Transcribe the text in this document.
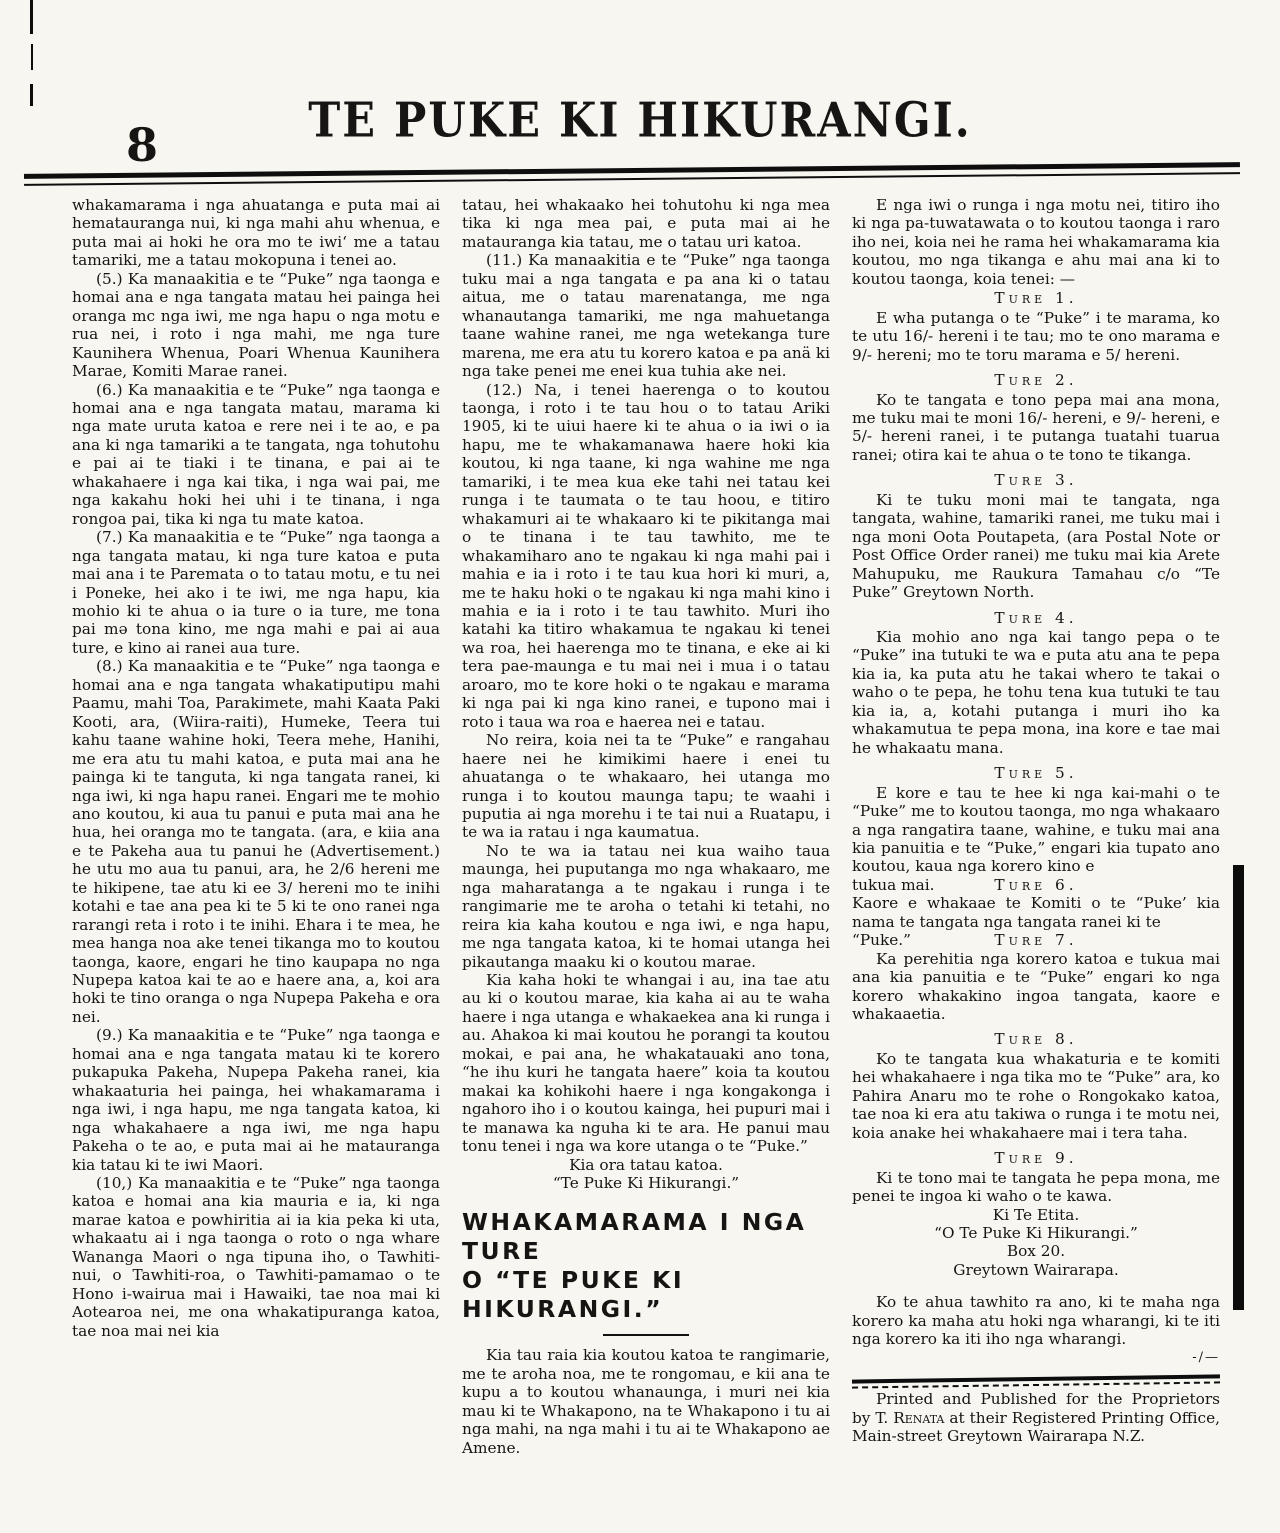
8	TE PUKE KI HIKURANGI.

whakamarama i nga ahuatanga e puta mai ai hematauranga nui, ki nga mahi ahu whenua, e puta mai ai hoki he ora mo te iwi‘ me a tatau tamariki, me a tatau mokopuna i tenei ao.

(5.) Ka manaakitia e te “Puke” nga taonga e homai ana e nga tangata matau hei painga hei oranga mc nga iwi, me nga hapu o nga motu e rua nei, i roto i nga mahi, me nga ture Kaunihera Whenua, Poari Whenua Kaunihera Marae, Komiti Marae ranei.

(6.) Ka manaakitia e te “Puke” nga taonga e homai ana e nga tangata matau, marama ki nga mate uruta katoa e rere nei i te ao, e pa ana ki nga tamariki a te tangata, nga tohutohu e pai ai te tiaki i te tinana, e pai ai te whakahaere i nga kai tika, i nga wai pai, me nga kakahu hoki hei uhi i te tinana, i nga rongoa pai, tika ki nga tu mate katoa.

(7.) Ka manaakitia e te “Puke” nga taonga a nga tangata matau, ki nga ture katoa e puta mai ana i te Paremata o to tatau motu, e tu nei i Poneke, hei ako i te iwi, me nga hapu, kia mohio ki te ahua o ia ture o ia ture, me tona pai mə tona kino, me nga mahi e pai ai aua ture, e kino ai ranei aua ture.

(8.) Ka manaakitia e te “Puke” nga taonga e homai ana e nga tangata whakatiputipu mahi Paamu, mahi Toa, Parakimete, mahi Kaata Paki Kooti, ara, (Wiira-raiti), Humeke, Teera tui kahu taane wahine hoki, Teera mehe, Hanihi, me era atu tu mahi katoa, e puta mai ana he painga ki te tanguta, ki nga tangata ranei, ki nga iwi, ki nga hapu ranei. Engari me te mohio ano koutou, ki aua tu panui e puta mai ana he hua, hei oranga mo te tangata. (ara, e kiia ana e te Pakeha aua tu panui he (Advertisement.) he utu mo aua tu panui, ara, he 2/6 hereni me te hikipene, tae atu ki ee 3/ hereni mo te inihi kotahi e tae ana pea ki te 5 ki te ono ranei nga rarangi reta i roto i te inihi. Ehara i te mea, he mea hanga noa ake tenei tikanga mo to koutou taonga, kaore, engari he tino kaupapa no nga Nupepa katoa kai te ao e haere ana, a, koi ara hoki te tino oranga o nga Nupepa Pakeha e ora nei.

(9.) Ka manaakitia e te “Puke” nga taonga e homai ana e nga tangata matau ki te korero pukapuka Pakeha, Nupepa Pakeha ranei, kia whakaaturia hei painga, hei whakamarama i nga iwi, i nga hapu, me nga tangata katoa, ki nga whakahaere a nga iwi, me nga hapu Pakeha o te ao, e puta mai ai he matauranga kia tatau ki te iwi Maori.

(10,) Ka manaakitia e te “Puke” nga taonga katoa e homai ana kia mauria e ia, ki nga marae katoa e powhiritia ai ia kia peka ki uta, whakaatu ai i nga taonga o roto o nga whare Wananga Maori o nga tipuna iho, o Tawhiti-nui, o Tawhiti-roa, o Tawhiti-pamamao o te Hono i-wairua mai i Hawaiki, tae noa mai ki Aotearoa nei, me ona whakatipuranga katoa, tae noa mai nei kia

tatau, hei whakaako hei tohutohu ki nga mea tika ki nga mea pai, e puta mai ai he matauranga kia tatau, me o tatau uri katoa.

(11.) Ka manaakitia e te “Puke” nga taonga tuku mai a nga tangata e pa ana ki o tatau aitua, me o tatau marenatanga, me nga whanautanga tamariki, me nga mahuetanga taane wahine ranei, me nga wetekanga ture marena, me era atu tu korero katoa e pa anä ki nga take penei me enei kua tuhia ake nei.

(12.) Na, i tenei haerenga o to koutou taonga, i roto i te tau hou o to tatau Ariki 1905, ki te uiui haere ki te ahua o ia iwi o ia hapu, me te whakamanawa haere hoki kia koutou, ki nga taane, ki nga wahine me nga tamariki, i te mea kua eke tahi nei tatau kei runga i te taumata o te tau hoou, e titiro whakamuri ai te whakaaro ki te pikitanga mai o te tinana i te tau tawhito, me te whakamiharo ano te ngakau ki nga mahi pai i mahia e ia i roto i te tau kua hori ki muri, a, me te haku hoki o te ngakau ki nga mahi kino i mahia e ia i roto i te tau tawhito. Muri iho katahi ka titiro whakamua te ngakau ki tenei wa roa, hei haerenga mo te tinana, e eke ai ki tera pae-maunga e tu mai nei i mua i o tatau aroaro, mo te kore hoki o te ngakau e marama ki nga pai ki nga kino ranei, e tupono mai i roto i taua wa roa e haerea nei e tatau.

No reira, koia nei ta te “Puke” e rangahau haere nei he kimikimi haere i enei tu ahuatanga o te whakaaro, hei utanga mo runga i to koutou maunga tapu; te waahi i puputia ai nga morehu i te tai nui a Ruatapu, i te wa ia ratau i nga kaumatua.

No te wa ia tatau nei kua waiho taua maunga, hei puputanga mo nga whakaaro, me nga maharatanga a te ngakau i runga i te rangimarie me te aroha o tetahi ki tetahi, no reira kia kaha koutou e nga iwi, e nga hapu, me nga tangata katoa, ki te homai utanga hei pikautanga maaku ki o koutou marae.

Kia kaha hoki te whangai i au, ina tae atu au ki o koutou marae, kia kaha ai au te waha haere i nga utanga e whakaekea ana ki runga i au. Ahakoa ki mai koutou he porangi ta koutou mokai, e pai ana, he whakatauaki ano tona, “he ihu kuri he tangata haere” koia ta koutou makai ka kohikohi haere i nga kongakonga i ngahoro iho i o koutou kainga, hei pupuri mai i te manawa ka nguha ki te ara. He panui mau tonu tenei i nga wa kore utanga o te “Puke.”

Kia ora tatau katoa.

“Te Puke Ki Hikurangi.”

WHAKAMARAMA I NGA TURE
O “TE PUKE KI HIKURANGI.”

Kia tau raia kia koutou katoa te rangimarie, me te aroha noa, me te rongomau, e kii ana te kupu a to koutou whanaunga, i muri nei kia mau ki te Whakapono, na te Whakapono i tu ai nga mahi, na nga mahi i tu ai te Whakapono ae Amene.

E nga iwi o runga i nga motu nei, titiro iho ki nga pa-tuwatawata o to koutou taonga i raro iho nei, koia nei he rama hei whakamarama kia koutou, mo nga tikanga e ahu mai ana ki to koutou taonga, koia tenei: —

Ture 1.

E wha putanga o te “Puke” i te marama, ko te utu 16/- hereni i te tau; mo te ono marama e 9/- hereni; mo te toru marama e 5/ hereni.

Ture 2.

Ko te tangata e tono pepa mai ana mona, me tuku mai te moni 16/- hereni, e 9/- hereni, e 5/- hereni ranei, i te putanga tuatahi tuarua ranei; otira kai te ahua o te tono te tikanga.

Ture 3.

Ki te tuku moni mai te tangata, nga tangata, wahine, tamariki ranei, me tuku mai i nga moni Oota Poutapeta, (ara Postal Note or Post Office Order ranei) me tuku mai kia Arete Mahupuku, me Raukura Tamahau c/o “Te Puke” Greytown North.

Ture 4.

Kia mohio ano nga kai tango pepa o te “Puke” ina tutuki te wa e puta atu ana te pepa kia ia, ka puta atu he takai whero te takai o waho o te pepa, he tohu tena kua tutuki te tau kia ia, a, kotahi putanga i muri iho ka whakamutua te pepa mona, ina kore e tae mai he whakaatu mana.

Ture 5.

E kore e tau te hee ki nga kai-mahi o te “Puke” me to koutou taonga, mo nga whakaaro a nga rangatira taane, wahine, e tuku mai ana kia panuitia e te “Puke,” engari kia tupato ano koutou, kaua nga korero kino e

tukua mai.	Ture 6.

Kaore e whakaae te Komiti o te “Puke’ kia nama te tangata nga tangata ranei ki te

“Puke.”	Ture 7.

Ka perehitia nga korero katoa e tukua mai ana kia panuitia e te “Puke” engari ko nga korero whakakino ingoa tangata, kaore e whakaaetia.

Ture 8.

Ko te tangata kua whakaturia e te komiti hei whakahaere i nga tika mo te “Puke” ara, ko Pahira Anaru mo te rohe o Rongokako katoa, tae noa ki era atu takiwa o runga i te motu nei, koia anake hei whakahaere mai i tera taha.

Ture 9.

Ki te tono mai te tangata he pepa mona, me penei te ingoa ki waho o te kawa.

Ki Te Etita.

“O Te Puke Ki Hikurangi.”

Box 20.

Greytown Wairarapa.

Ko te ahua tawhito ra ano, ki te maha nga korero ka maha atu hoki nga wharangi, ki te iti nga korero ka iti iho nga wharangi.

-/—

Printed and Published for the Proprietors by T. Renata at their Registered Printing Office, Main-street Greytown Wairarapa N.Z.
